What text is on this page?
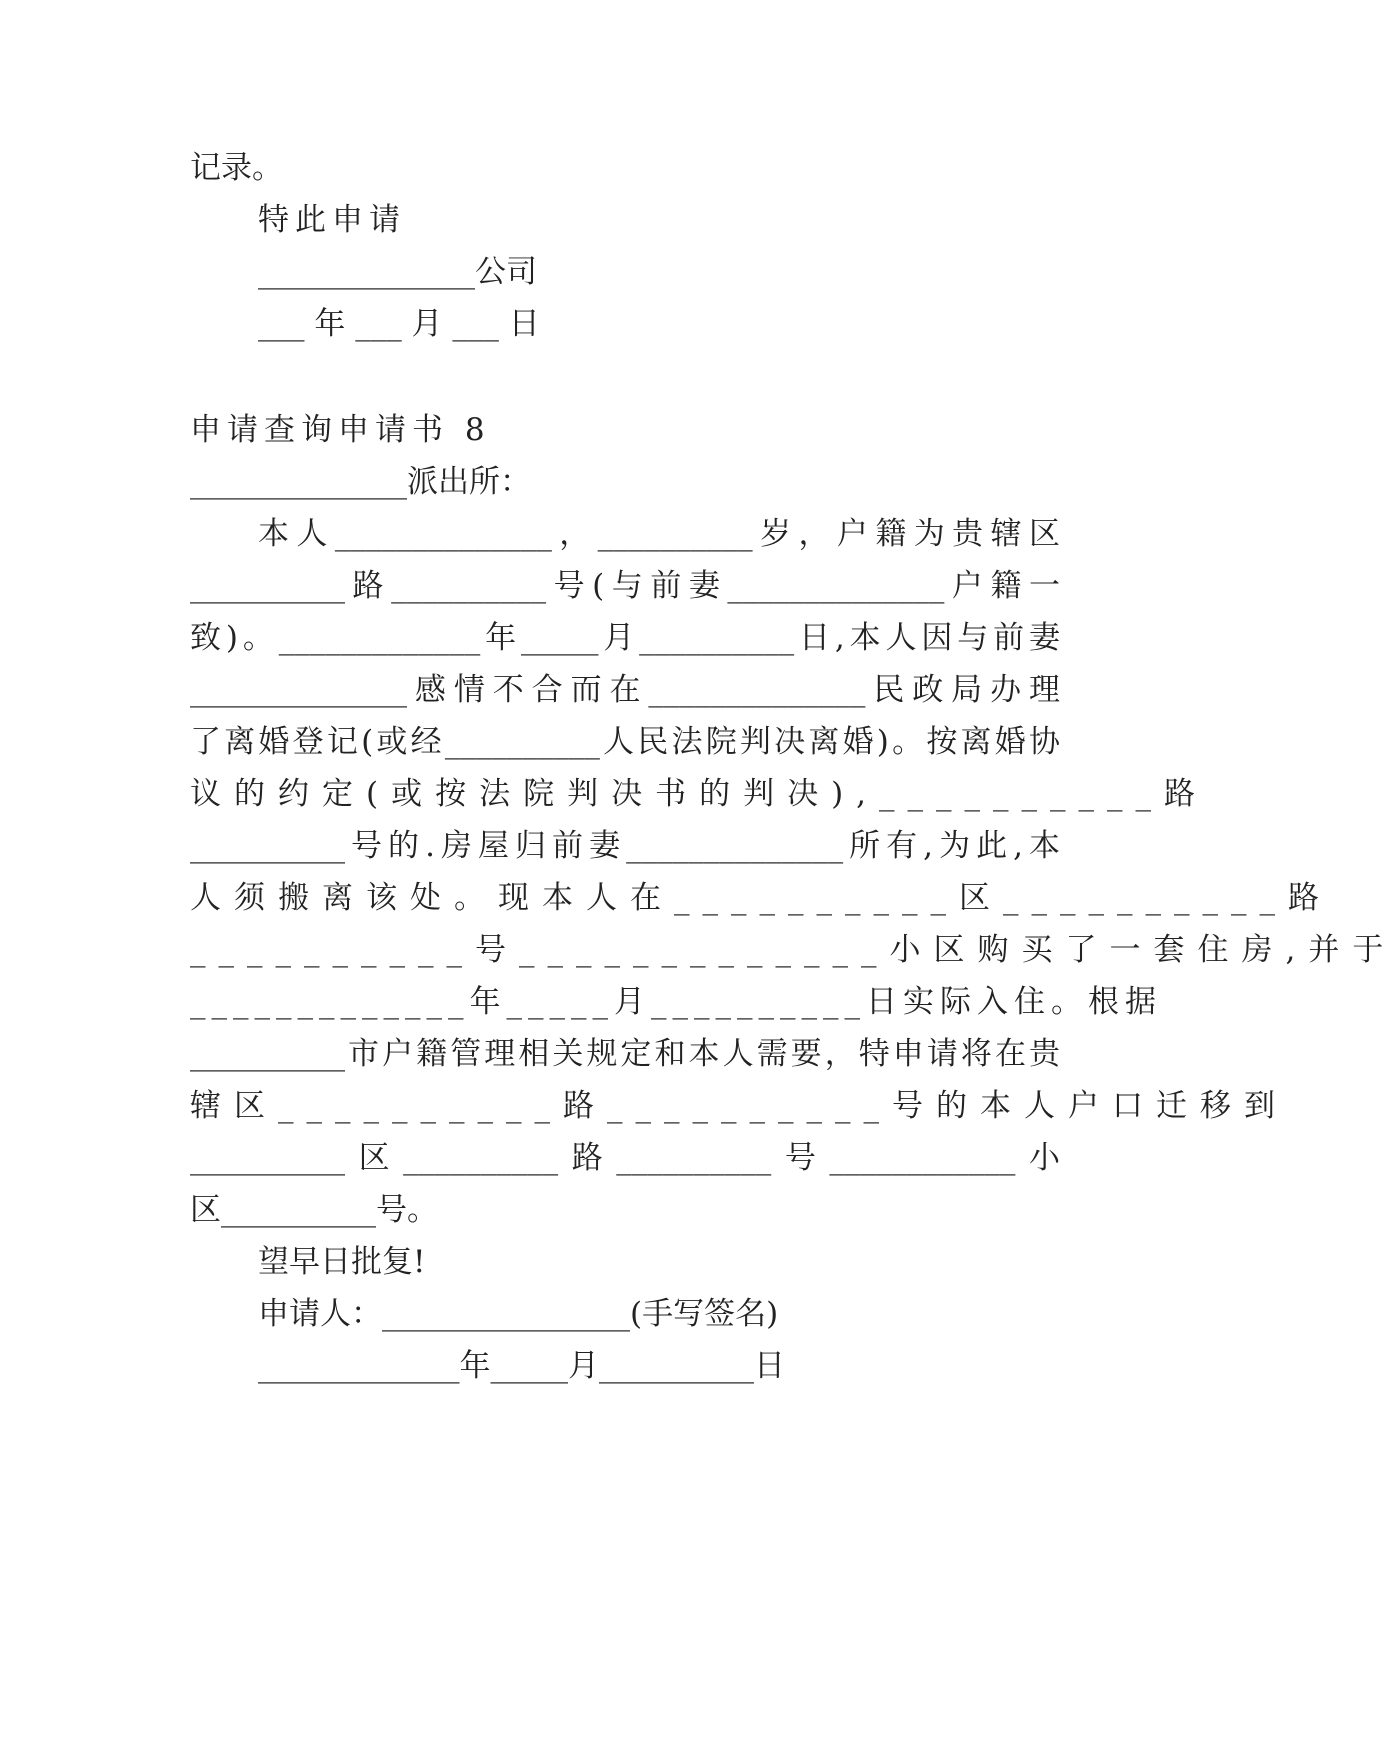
记录。
特此申请
______________公司
___ 年 ___ 月 ___ 日
申请查询申请书 8
______________派出所：
本人______________，__________岁，户籍为贵辖区
__________路__________号(与前妻______________户籍一
致)。_____________年_____月__________日,本人因与前妻
______________感情不合而在______________民政局办理
了离婚登记(或经__________人民法院判决离婚)。按离婚协
议的约定(或按法院判决书的判决),__________路
__________号的.房屋归前妻______________所有,为此,本
人须搬离该处。现本人在__________区__________路
__________号_____________小区购买了一套住房,并于
_____________年_____月__________日实际入住。根据
__________市户籍管理相关规定和本人需要，特申请将在贵
辖区__________路__________号的本人户口迁移到
__________区__________路__________号____________小
区__________号。
望早日批复!
申请人：________________(手写签名)
_____________年_____月__________日
